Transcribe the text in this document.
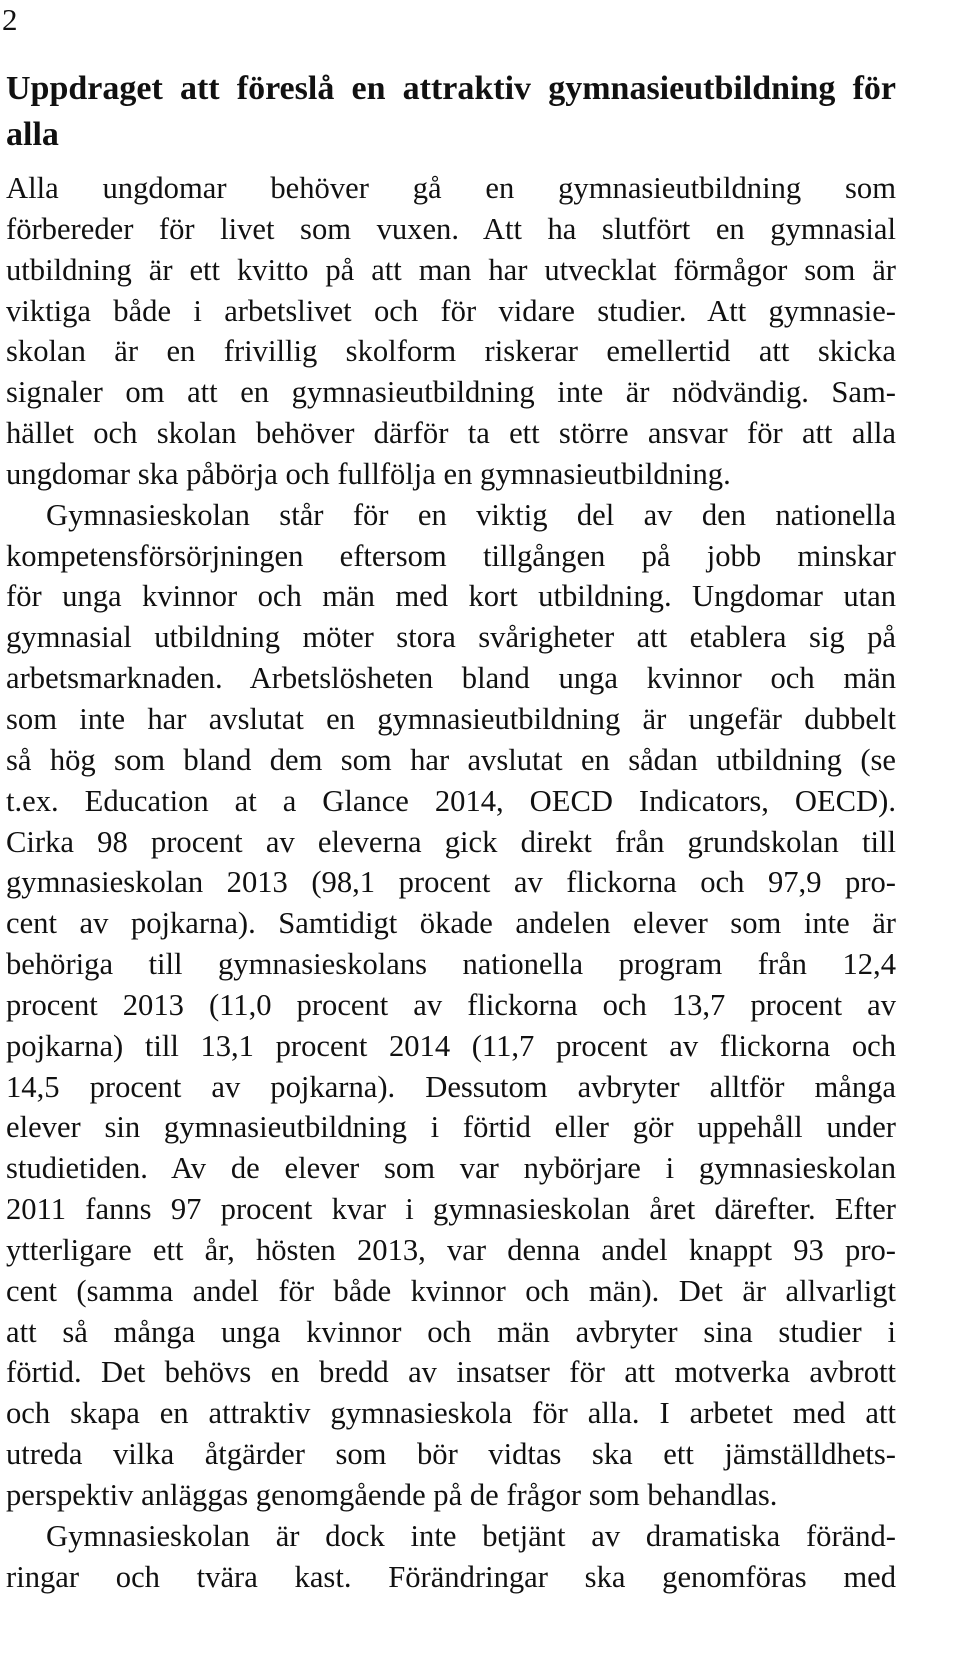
2
Uppdraget att föreslå en attraktiv gymnasieutbildning för
alla

Alla ungdomar behöver gå en gymnasieutbildning som
förbereder för livet som vuxen. Att ha slutfört en gymnasial
utbildning är ett kvitto på att man har utvecklat förmågor som är
viktiga både i arbetslivet och för vidare studier. Att gymnasie-
skolan är en frivillig skolform riskerar emellertid att skicka
signaler om att en gymnasieutbildning inte är nödvändig. Sam-
hället och skolan behöver därför ta ett större ansvar för att alla
ungdomar ska påbörja och fullfölja en gymnasieutbildning.

Gymnasieskolan står för en viktig del av den nationella
kompetensförsörjningen eftersom tillgången på jobb minskar
för unga kvinnor och män med kort utbildning. Ungdomar utan
gymnasial utbildning möter stora svårigheter att etablera sig på
arbetsmarknaden. Arbetslösheten bland unga kvinnor och män
som inte har avslutat en gymnasieutbildning är ungefär dubbelt
så hög som bland dem som har avslutat en sådan utbildning (se
t.ex. Education at a Glance 2014, OECD Indicators, OECD).
Cirka 98 procent av eleverna gick direkt från grundskolan till
gymnasieskolan 2013 (98,1 procent av flickorna och 97,9 pro-
cent av pojkarna). Samtidigt ökade andelen elever som inte är
behöriga till gymnasieskolans nationella program från 12,4
procent 2013 (11,0 procent av flickorna och 13,7 procent av
pojkarna) till 13,1 procent 2014 (11,7 procent av flickorna och
14,5 procent av pojkarna). Dessutom avbryter alltför många
elever sin gymnasieutbildning i förtid eller gör uppehåll under
studietiden. Av de elever som var nybörjare i gymnasieskolan
2011 fanns 97 procent kvar i gymnasieskolan året därefter. Efter
ytterligare ett år, hösten 2013, var denna andel knappt 93 pro-
cent (samma andel för både kvinnor och män). Det är allvarligt
att så många unga kvinnor och män avbryter sina studier i
förtid. Det behövs en bredd av insatser för att motverka avbrott
och skapa en attraktiv gymnasieskola för alla. I arbetet med att
utreda vilka åtgärder som bör vidtas ska ett jämställdhets-
perspektiv anläggas genomgående på de frågor som behandlas.

Gymnasieskolan är dock inte betjänt av dramatiska föränd-
ringar och tvära kast. Förändringar ska genomföras med
